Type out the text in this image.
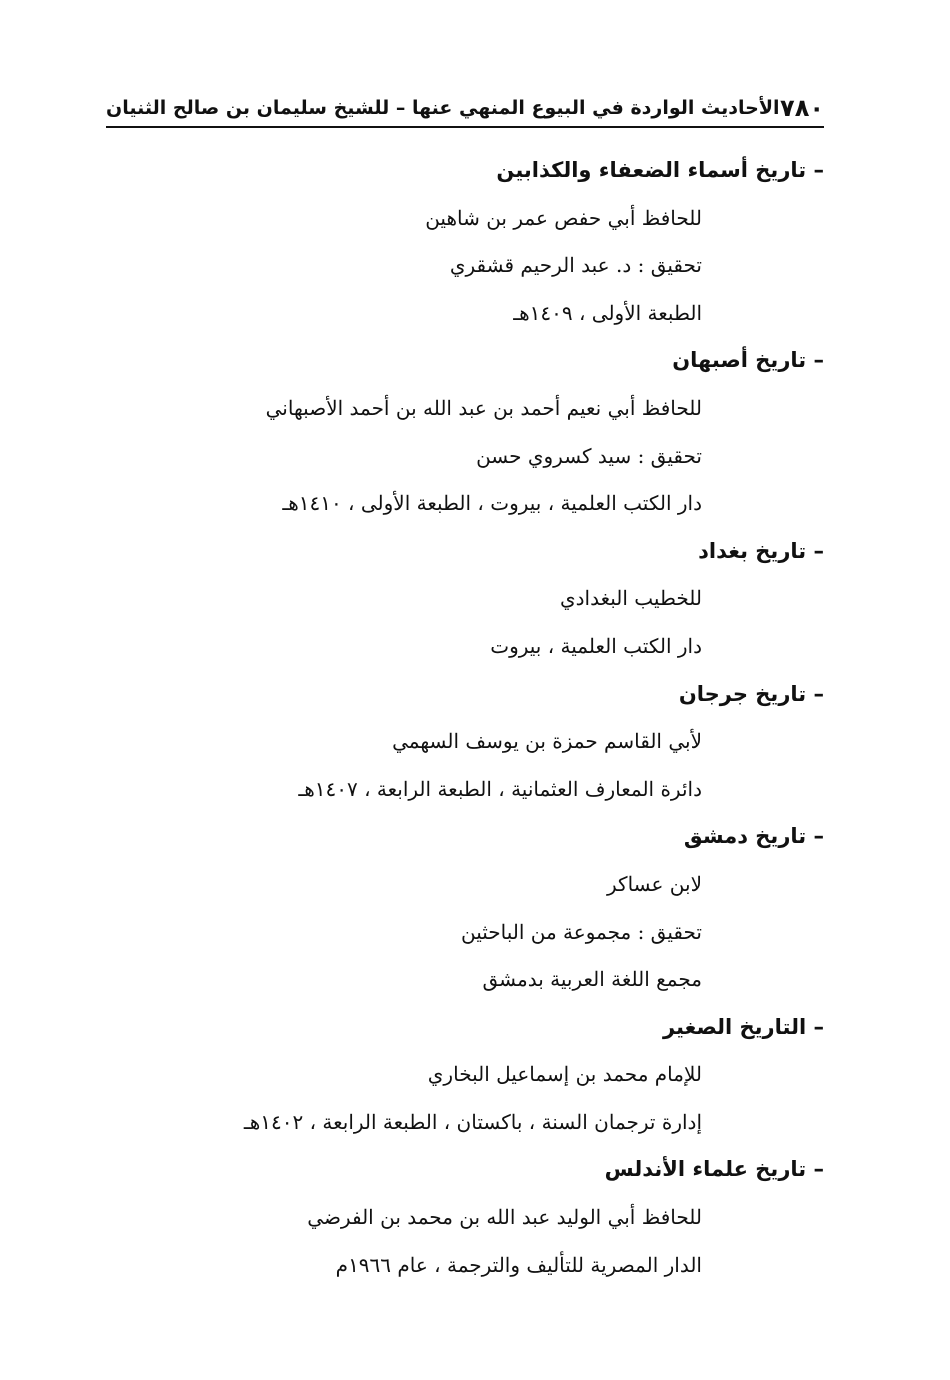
٧٨٠
الأحاديث الواردة في البيوع المنهي عنها – للشيخ سليمان بن صالح الثنيان
– تاريخ أسماء الضعفاء والكذابين
للحافظ أبي حفص عمر بن شاهين
تحقيق : د. عبد الرحيم قشقري
الطبعة الأولى ، ١٤٠٩هـ
– تاريخ أصبهان
للحافظ أبي نعيم أحمد بن عبد الله بن أحمد الأصبهاني
تحقيق : سيد كسروي حسن
دار الكتب العلمية ، بيروت ، الطبعة الأولى ، ١٤١٠هـ
– تاريخ بغداد
للخطيب البغدادي
دار الكتب العلمية ، بيروت
– تاريخ جرجان
لأبي القاسم حمزة بن يوسف السهمي
دائرة المعارف العثمانية ، الطبعة الرابعة ، ١٤٠٧هـ
– تاريخ دمشق
لابن عساكر
تحقيق : مجموعة من الباحثين
مجمع اللغة العربية بدمشق
– التاريخ الصغير
للإمام محمد بن إسماعيل البخاري
إدارة ترجمان السنة ، باكستان ، الطبعة الرابعة ، ١٤٠٢هـ
– تاريخ علماء الأندلس
للحافظ أبي الوليد عبد الله بن محمد بن الفرضي
الدار المصرية للتأليف والترجمة ، عام ١٩٦٦م
